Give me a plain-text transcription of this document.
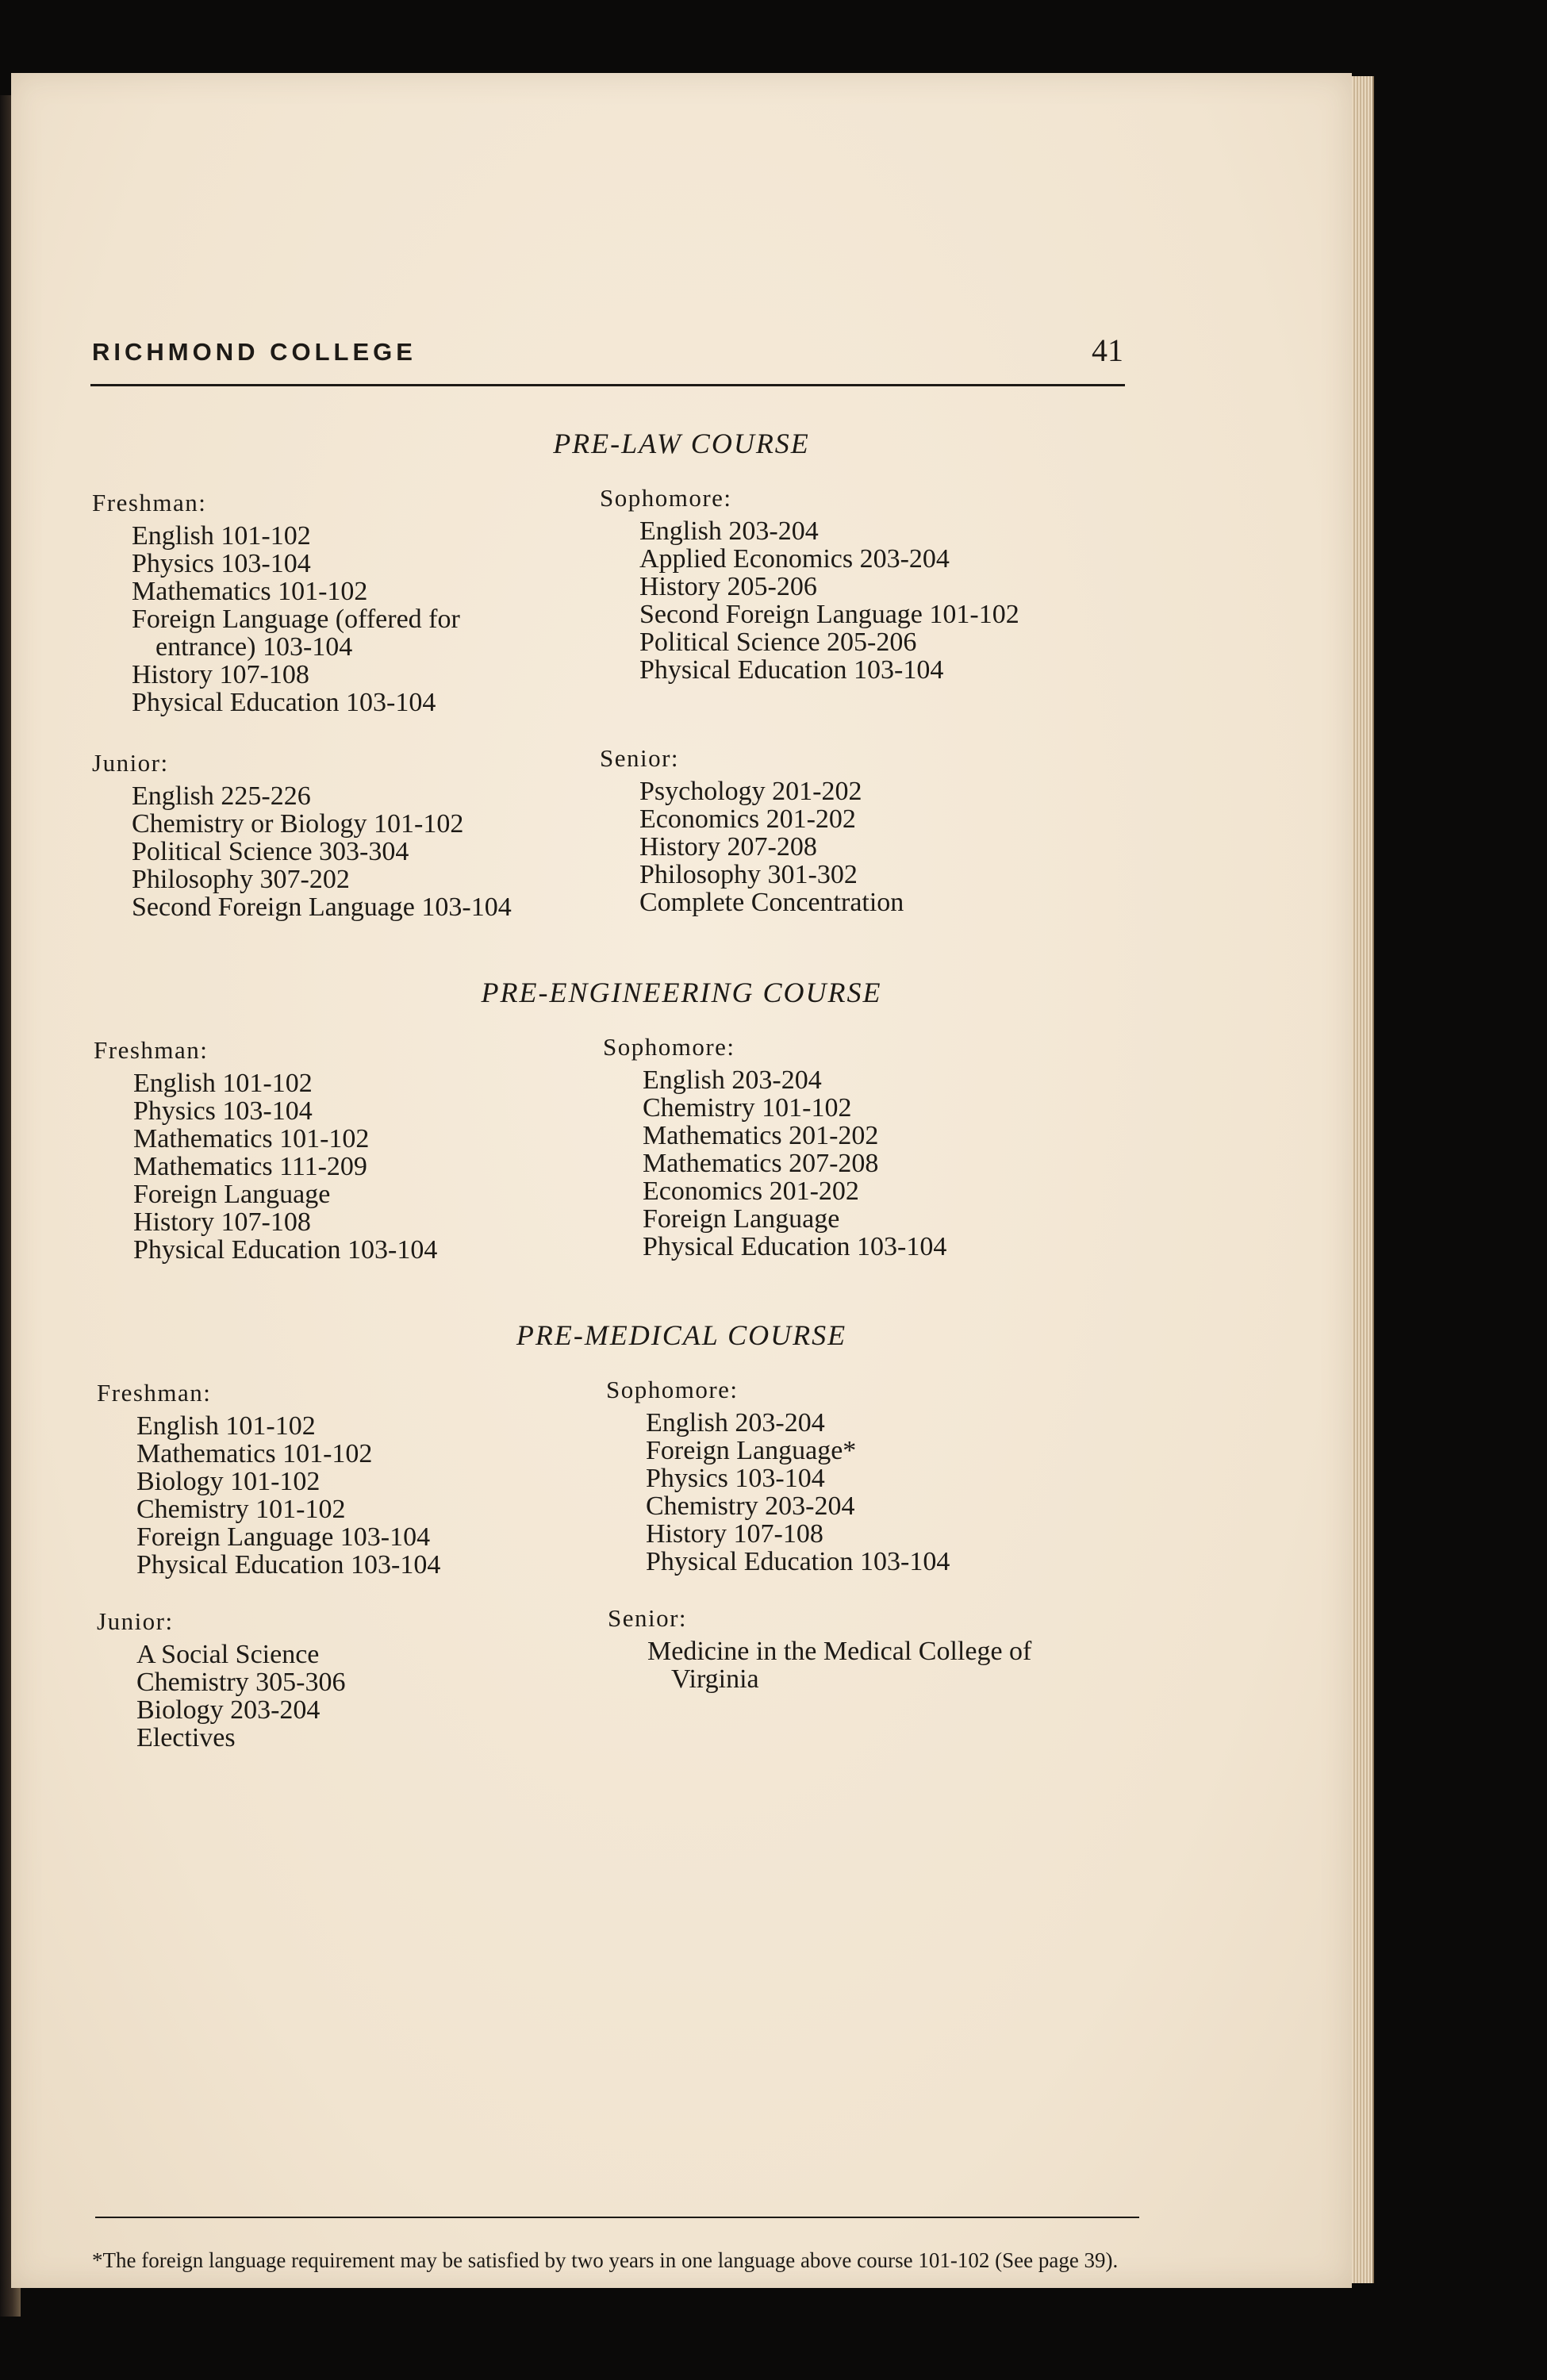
RICHMOND COLLEGE	41
PRE-LAW COURSE
Freshman:
English 101-102
Physics 103-104
Mathematics 101-102
Foreign Language (offered for
entrance) 103-104
History 107-108
Physical Education 103-104
Sophomore:
English 203-204
Applied Economics 203-204
History 205-206
Second Foreign Language 101-102
Political Science 205-206
Physical Education 103-104
Junior:
English 225-226
Chemistry or Biology 101-102
Political Science 303-304
Philosophy 307-202
Second Foreign Language 103-104
Senior:
Psychology 201-202
Economics 201-202
History 207-208
Philosophy 301-302
Complete Concentration
PRE-ENGINEERING COURSE
Freshman:
English 101-102
Physics 103-104
Mathematics 101-102
Mathematics 111-209
Foreign Language
History 107-108
Physical Education 103-104
Sophomore:
English 203-204
Chemistry 101-102
Mathematics 201-202
Mathematics 207-208
Economics 201-202
Foreign Language
Physical Education 103-104
PRE-MEDICAL COURSE
Freshman:
English 101-102
Mathematics 101-102
Biology 101-102
Chemistry 101-102
Foreign Language 103-104
Physical Education 103-104
Sophomore:
English 203-204
Foreign Language*
Physics 103-104
Chemistry 203-204
History 107-108
Physical Education 103-104
Junior:
A Social Science
Chemistry 305-306
Biology 203-204
Electives
Senior:
Medicine in the Medical College of
Virginia
*The foreign language requirement may be satisfied by two years in one language above course 101-102 (See page 39).
